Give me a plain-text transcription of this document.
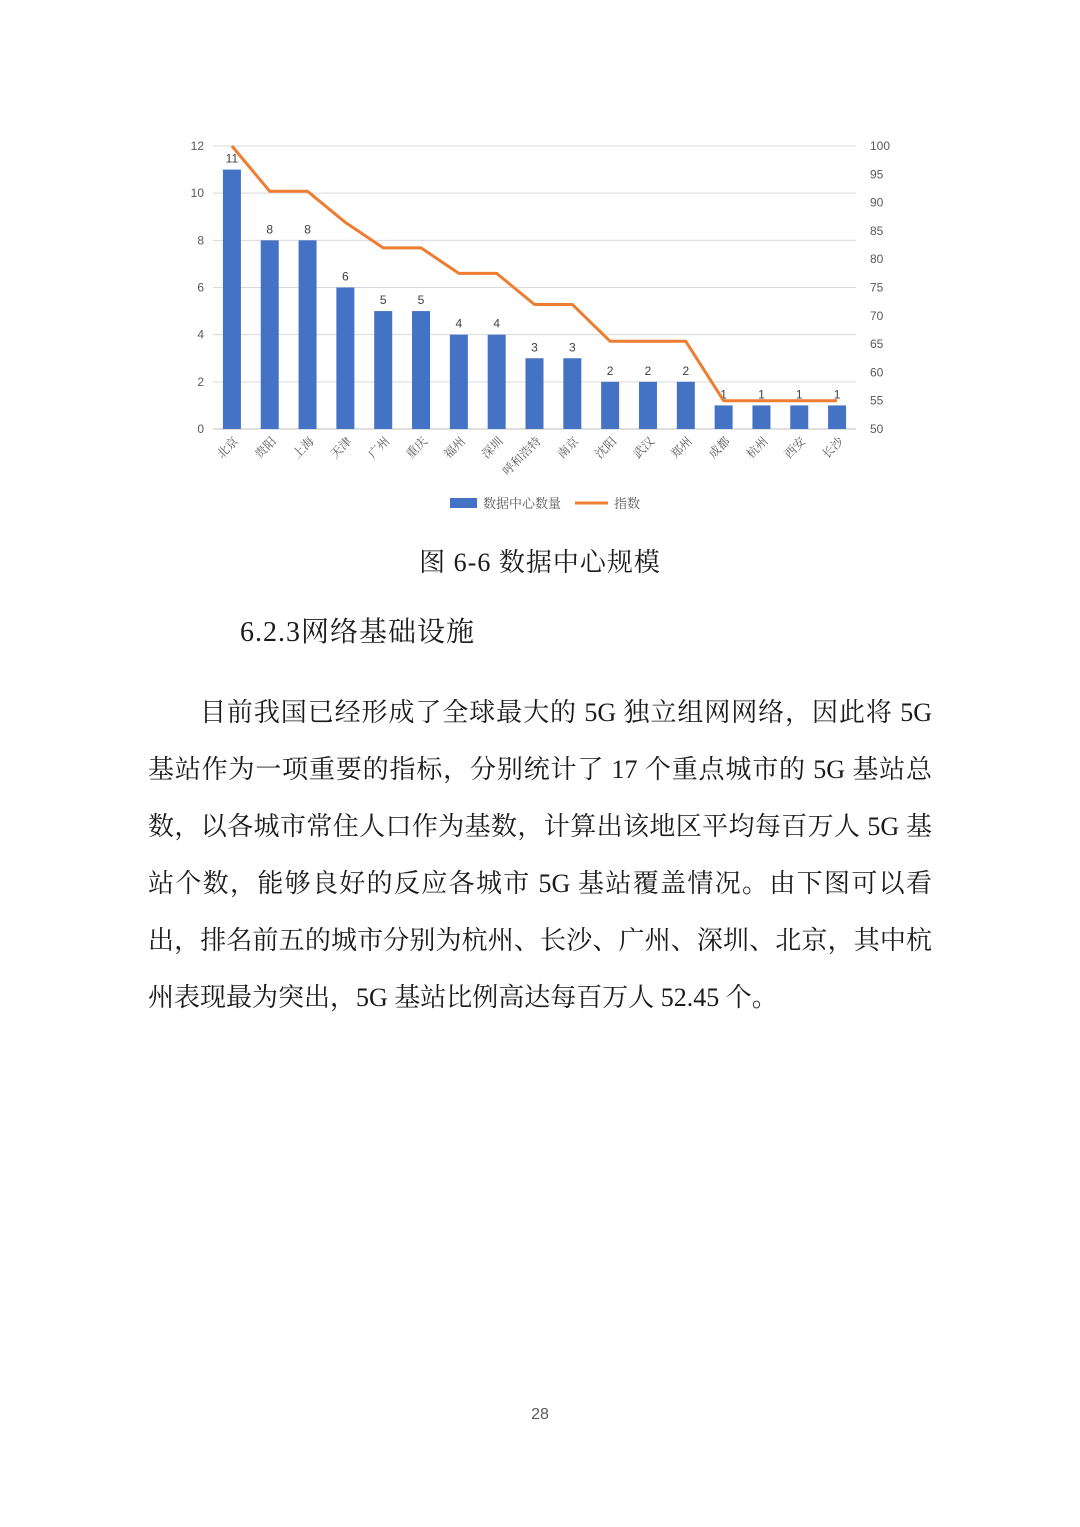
0
2
4
6
8
10
12
50
55
60
65
70
75
80
85
90
95
100
11
8	8
6
5	5
4	4
3	3
2	2	2
1	1	1	1
北京 贵阳 上海 天津 广州 重庆 福州 深圳
呼和浩特 南京 沈阳 武汉 郑州 成都 杭州 西安 长沙
数据中心数量	指数
图 6-6 数据中心规模
6.2.3网络基础设施

目前我国已经形成了全球最大的 5G 独立组网网络，因此将 5G 基站作为一项重要的指标，分别统计了 17 个重点城市的 5G 基站总数，以各城市常住人口作为基数，计算出该地区平均每百万人 5G 基站个数，能够良好的反应各城市 5G 基站覆盖情况。由下图可以看出，排名前五的城市分别为杭州、长沙、广州、深圳、北京，其中杭州表现最为突出，5G 基站比例高达每百万人 52.45 个。

28
